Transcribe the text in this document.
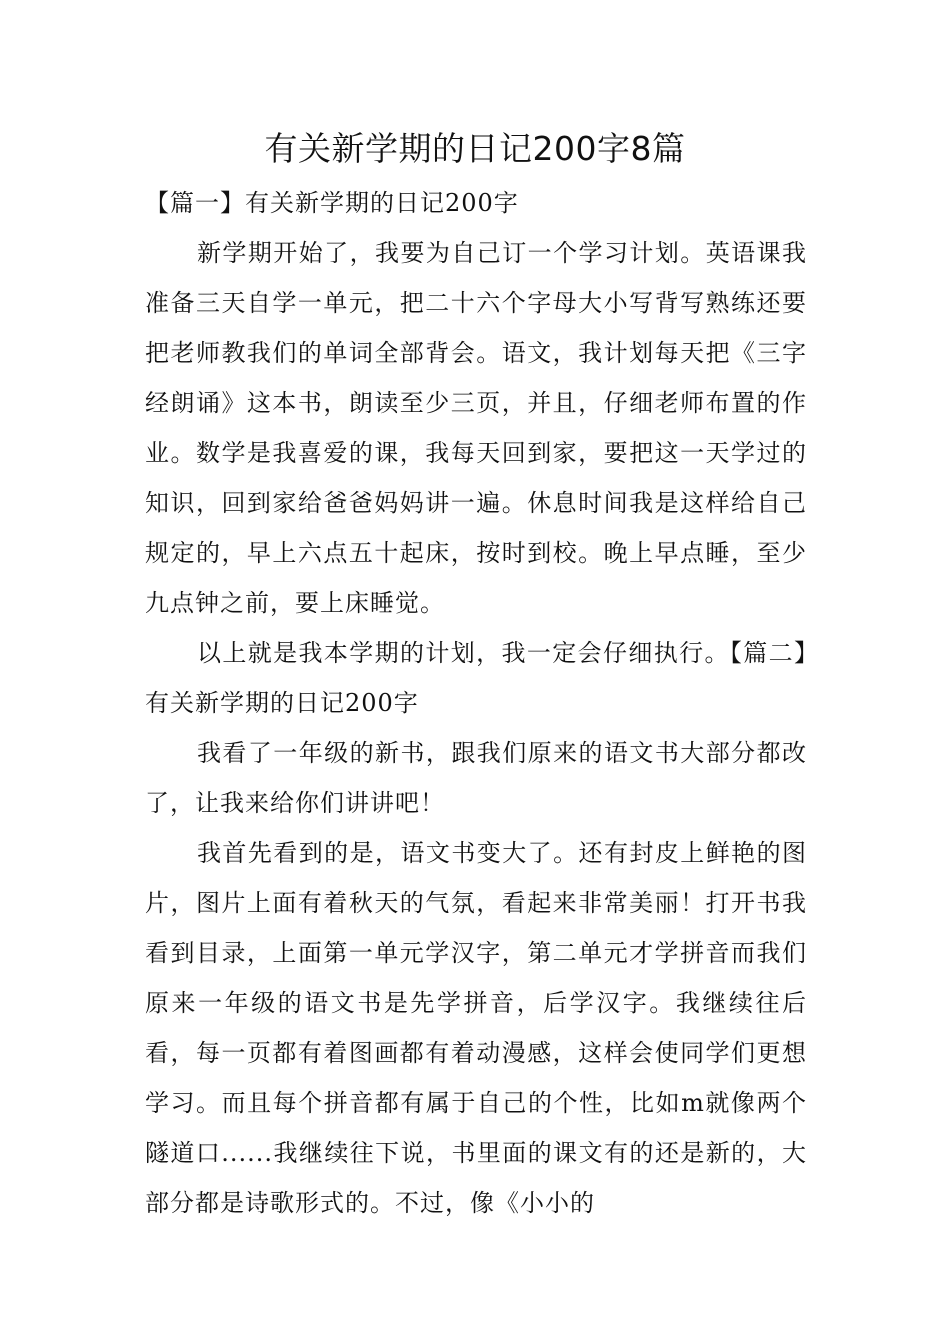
有关新学期的日记200字8篇

【篇一】有关新学期的日记200字

新学期开始了，我要为自己订一个学习计划。英语课我准备三天自学一单元，把二十六个字母大小写背写熟练还要把老师教我们的单词全部背会。语文，我计划每天把《三字经朗诵》这本书，朗读至少三页，并且，仔细老师布置的作业。数学是我喜爱的课，我每天回到家，要把这一天学过的知识，回到家给爸爸妈妈讲一遍。休息时间我是这样给自己规定的，早上六点五十起床，按时到校。晚上早点睡，至少九点钟之前，要上床睡觉。

以上就是我本学期的计划，我一定会仔细执行。【篇二】有关新学期的日记200字

我看了一年级的新书，跟我们原来的语文书大部分都改了，让我来给你们讲讲吧！

我首先看到的是，语文书变大了。还有封皮上鲜艳的图片，图片上面有着秋天的气氛，看起来非常美丽！打开书我看到目录，上面第一单元学汉字，第二单元才学拼音而我们原来一年级的语文书是先学拼音，后学汉字。我继续往后看，每一页都有着图画都有着动漫感，这样会使同学们更想学习。而且每个拼音都有属于自己的个性，比如m就像两个隧道口......我继续往下说，书里面的课文有的还是新的，大部分都是诗歌形式的。不过，像《小小的
